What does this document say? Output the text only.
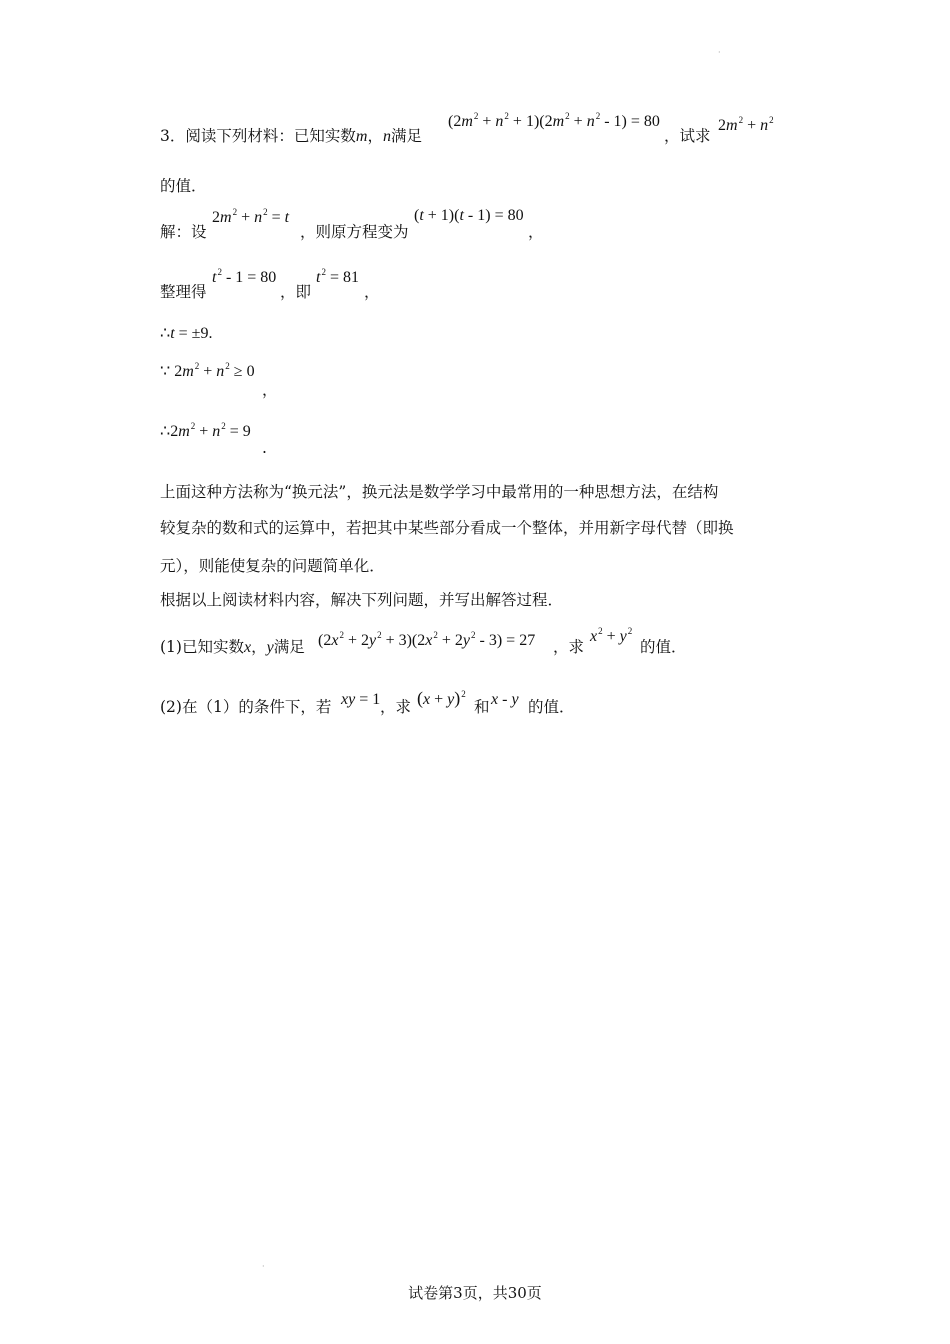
·
3．阅读下列材料：已知实数m，n满足
$(2m^2 + n^2 + 1)(2m^2 + n^2 - 1) = 80$
，试求
$2m^2 + n^2$
的值．
解：设
$2m^2 + n^2 = t$
，则原方程变为
(t + 1)(t - 1) = 80
，
整理得
$t^2 - 1 = 80$
，即
$t^2 = 81$
，
∴t = ±9.
∵ $2m^2 + n^2 \ge 0$
，
$\therefore 2m^2 + n^2 = 9$
.
上面这种方法称为“换元法”，换元法是数学学习中最常用的一种思想方法，在结构
较复杂的数和式的运算中，若把其中某些部分看成一个整体，并用新字母代替（即换
元），则能使复杂的问题简单化．
根据以上阅读材料内容，解决下列问题，并写出解答过程．
(1)已知实数x，y满足 $(2x^2 + 2y^2 + 3)(2x^2 + 2y^2 - 3) = 27$ ，求
$x^2 + y^2$
的值．
(2)在（1）的条件下，若 xy = 1 ，求 $(x + y)^2$
和 x - y 的值．
·
试卷第3页，共30页
